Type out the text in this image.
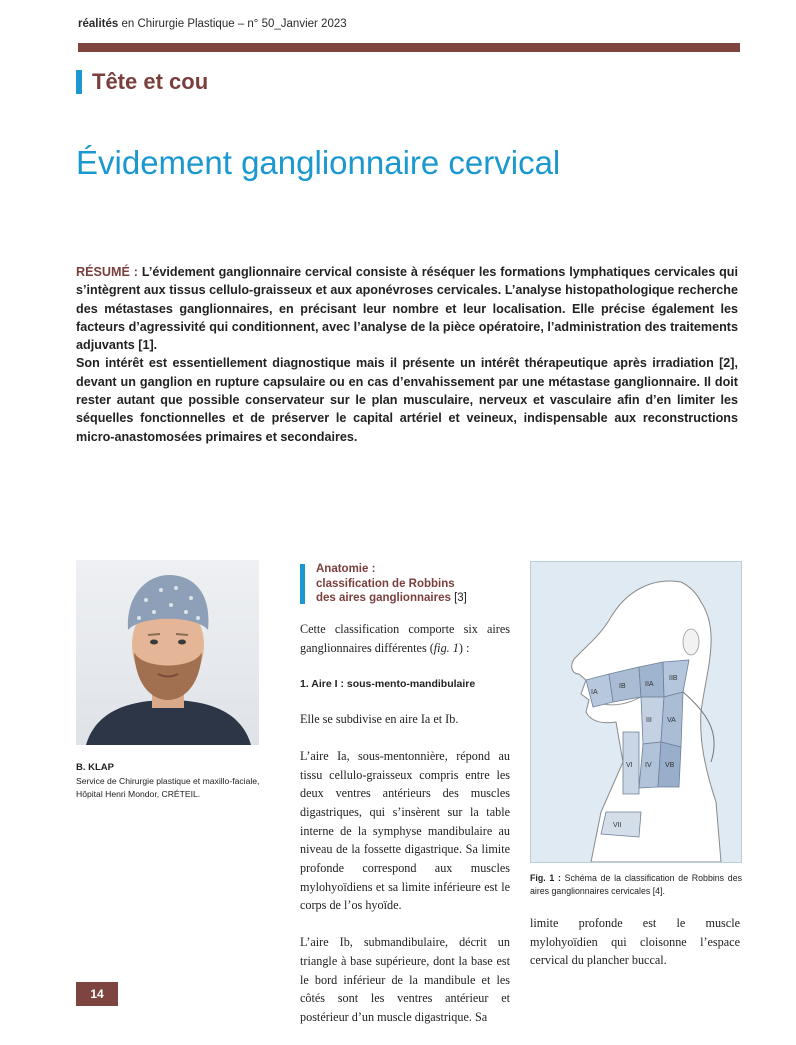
réalités en Chirurgie Plastique – n° 50_Janvier 2023
Tête et cou
Évidement ganglionnaire cervical

RÉSUMÉ : L’évidement ganglionnaire cervical consiste à réséquer les formations lymphatiques cervicales qui s’intègrent aux tissus cellulo-graisseux et aux aponévroses cervicales. L’analyse histopathologique recherche des métastases ganglionnaires, en précisant leur nombre et leur localisation. Elle précise également les facteurs d’agressivité qui conditionnent, avec l’analyse de la pièce opératoire, l’administration des traitements adjuvants [1].

Son intérêt est essentiellement diagnostique mais il présente un intérêt thérapeutique après irradiation [2], devant un ganglion en rupture capsulaire ou en cas d’envahissement par une métastase ganglionnaire. Il doit rester autant que possible conservateur sur le plan musculaire, nerveux et vasculaire afin d’en limiter les séquelles fonctionnelles et de préserver le capital artériel et veineux, indispensable aux reconstructions micro-anastomosées primaires et secondaires.

B. KLAP
Service de Chirurgie plastique et maxillo-faciale,
Hôpital Henri Mondor, CRÉTEIL.
Anatomie :
classification de Robbins
des aires ganglionnaires [3]

Cette classification comporte six aires ganglionnaires différentes (fig. 1) :

1. Aire I : sous-mento-mandibulaire

Elle se subdivise en aire Ia et Ib.

L’aire Ia, sous-mentonnière, répond au tissu cellulo-graisseux compris entre les deux ventres antérieurs des muscles digastriques, qui s’insèrent sur la table interne de la symphyse mandibulaire au niveau de la fossette digastrique. Sa limite profonde correspond aux muscles mylohyoïdiens et sa limite inférieure est le corps de l’os hyoïde.

L’aire Ib, submandibulaire, décrit un triangle à base supérieure, dont la base est le bord inférieur de la mandibule et les côtés sont les ventres antérieur et postérieur d’un muscle digastrique. Sa

IA
IB	IIA
IIB
III
IV
VA
VB
VI
VII
Fig. 1 : Schéma de la classification de Robbins des aires ganglionnaires cervicales [4].
limite profonde est le muscle mylohyoïdien qui cloisonne l’espace cervical du plancher buccal.
14
